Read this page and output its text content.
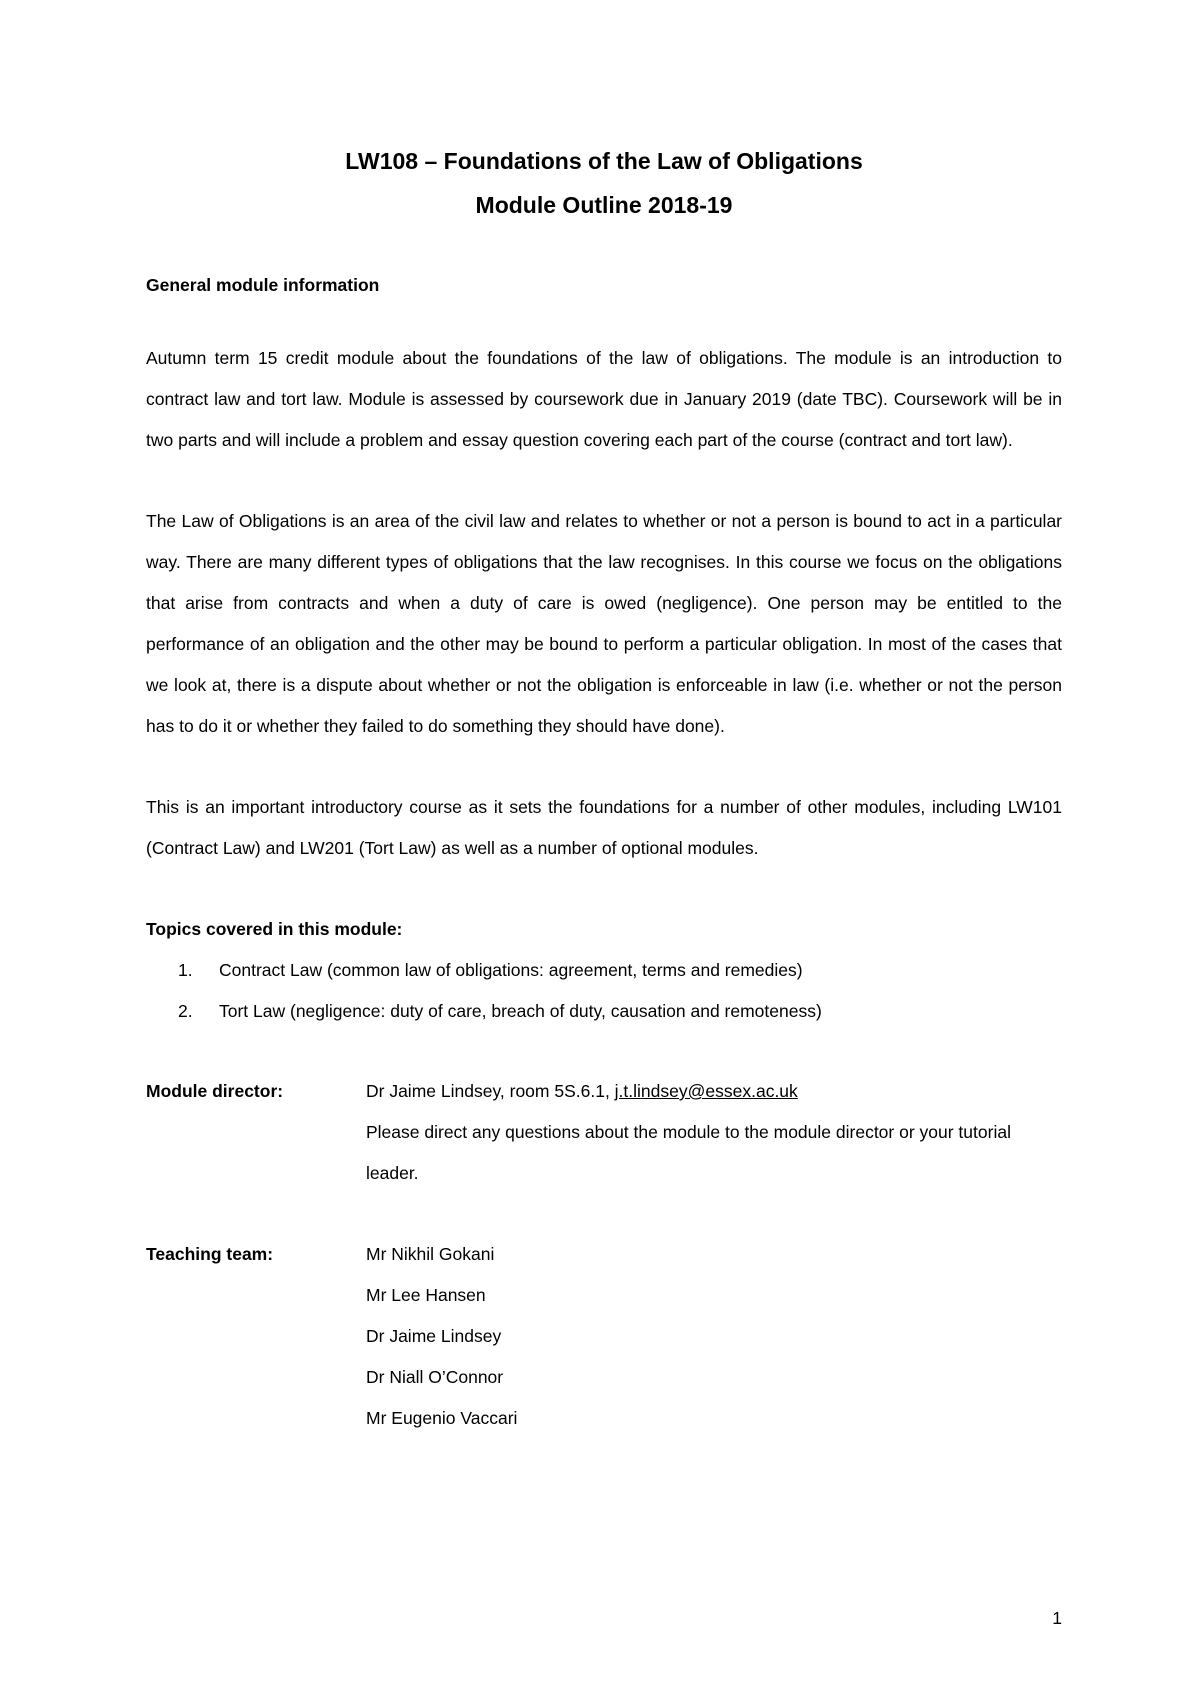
LW108 – Foundations of the Law of Obligations
Module Outline 2018-19
General module information

Autumn term 15 credit module about the foundations of the law of obligations. The module is an introduction to contract law and tort law. Module is assessed by coursework due in January 2019 (date TBC). Coursework will be in two parts and will include a problem and essay question covering each part of the course (contract and tort law).

The Law of Obligations is an area of the civil law and relates to whether or not a person is bound to act in a particular way. There are many different types of obligations that the law recognises. In this course we focus on the obligations that arise from contracts and when a duty of care is owed (negligence). One person may be entitled to the performance of an obligation and the other may be bound to perform a particular obligation. In most of the cases that we look at, there is a dispute about whether or not the obligation is enforceable in law (i.e. whether or not the person has to do it or whether they failed to do something they should have done).

This is an important introductory course as it sets the foundations for a number of other modules, including LW101 (Contract Law) and LW201 (Tort Law) as well as a number of optional modules.

Topics covered in this module:
1. Contract Law (common law of obligations: agreement, terms and remedies)
2. Tort Law (negligence: duty of care, breach of duty, causation and remoteness)
Module director:	Dr Jaime Lindsey, room 5S.6.1, j.t.lindsey@essex.ac.uk
Please direct any questions about the module to the module director or your tutorial leader.
Teaching team:	Mr Nikhil Gokani
Mr Lee Hansen
Dr Jaime Lindsey
Dr Niall O’Connor
Mr Eugenio Vaccari
1
